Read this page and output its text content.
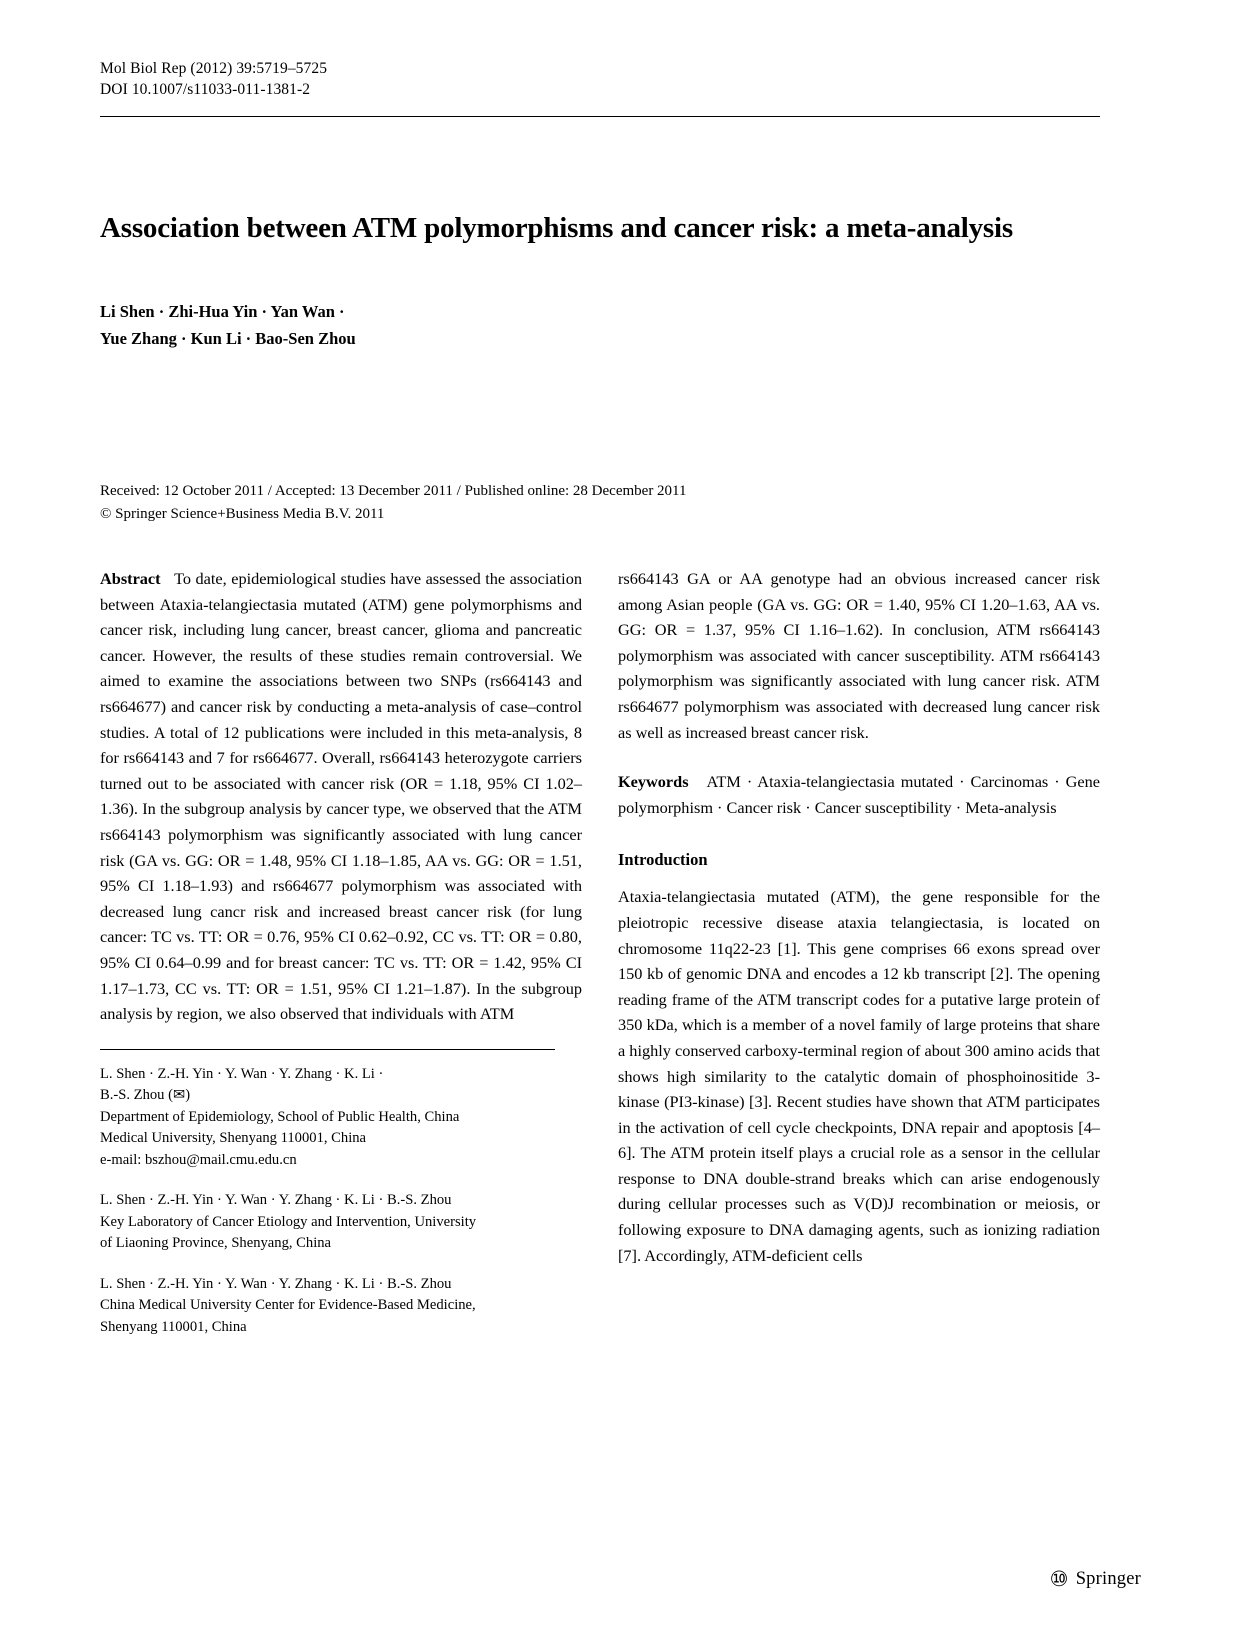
Mol Biol Rep (2012) 39:5719–5725
DOI 10.1007/s11033-011-1381-2
Association between ATM polymorphisms and cancer risk: a meta-analysis
Li Shen · Zhi-Hua Yin · Yan Wan ·
Yue Zhang · Kun Li · Bao-Sen Zhou
Received: 12 October 2011 / Accepted: 13 December 2011 / Published online: 28 December 2011
© Springer Science+Business Media B.V. 2011

Abstract To date, epidemiological studies have assessed the association between Ataxia-telangiectasia mutated (ATM) gene polymorphisms and cancer risk, including lung cancer, breast cancer, glioma and pancreatic cancer. However, the results of these studies remain controversial. We aimed to examine the associations between two SNPs (rs664143 and rs664677) and cancer risk by conducting a meta-analysis of case–control studies. A total of 12 publications were included in this meta-analysis, 8 for rs664143 and 7 for rs664677. Overall, rs664143 heterozygote carriers turned out to be associated with cancer risk (OR = 1.18, 95% CI 1.02–1.36). In the subgroup analysis by cancer type, we observed that the ATM rs664143 polymorphism was significantly associated with lung cancer risk (GA vs. GG: OR = 1.48, 95% CI 1.18–1.85, AA vs. GG: OR = 1.51, 95% CI 1.18–1.93) and rs664677 polymorphism was associated with decreased lung cancr risk and increased breast cancer risk (for lung cancer: TC vs. TT: OR = 0.76, 95% CI 0.62–0.92, CC vs. TT: OR = 0.80, 95% CI 0.64–0.99 and for breast cancer: TC vs. TT: OR = 1.42, 95% CI 1.17–1.73, CC vs. TT: OR = 1.51, 95% CI 1.21–1.87). In the subgroup analysis by region, we also observed that individuals with ATM

L. Shen · Z.-H. Yin · Y. Wan · Y. Zhang · K. Li ·
B.-S. Zhou (✉)
Department of Epidemiology, School of Public Health, China
Medical University, Shenyang 110001, China
e-mail: bszhou@mail.cmu.edu.cn
L. Shen · Z.-H. Yin · Y. Wan · Y. Zhang · K. Li · B.-S. Zhou
Key Laboratory of Cancer Etiology and Intervention, University
of Liaoning Province, Shenyang, China
L. Shen · Z.-H. Yin · Y. Wan · Y. Zhang · K. Li · B.-S. Zhou
China Medical University Center for Evidence-Based Medicine,
Shenyang 110001, China

rs664143 GA or AA genotype had an obvious increased cancer risk among Asian people (GA vs. GG: OR = 1.40, 95% CI 1.20–1.63, AA vs. GG: OR = 1.37, 95% CI 1.16–1.62). In conclusion, ATM rs664143 polymorphism was associated with cancer susceptibility. ATM rs664143 polymorphism was significantly associated with lung cancer risk. ATM rs664677 polymorphism was associated with decreased lung cancer risk as well as increased breast cancer risk.

Keywords ATM · Ataxia-telangiectasia mutated · Carcinomas · Gene polymorphism · Cancer risk · Cancer susceptibility · Meta-analysis

Introduction

Ataxia-telangiectasia mutated (ATM), the gene responsible for the pleiotropic recessive disease ataxia telangiectasia, is located on chromosome 11q22-23 [1]. This gene comprises 66 exons spread over 150 kb of genomic DNA and encodes a 12 kb transcript [2]. The opening reading frame of the ATM transcript codes for a putative large protein of 350 kDa, which is a member of a novel family of large proteins that share a highly conserved carboxy-terminal region of about 300 amino acids that shows high similarity to the catalytic domain of phosphoinositide 3-kinase (PI3-kinase) [3]. Recent studies have shown that ATM participates in the activation of cell cycle checkpoints, DNA repair and apoptosis [4–6]. The ATM protein itself plays a crucial role as a sensor in the cellular response to DNA double-strand breaks which can arise endogenously during cellular processes such as V(D)J recombination or meiosis, or following exposure to DNA damaging agents, such as ionizing radiation [7]. Accordingly, ATM-deficient cells

⑩ Springer
